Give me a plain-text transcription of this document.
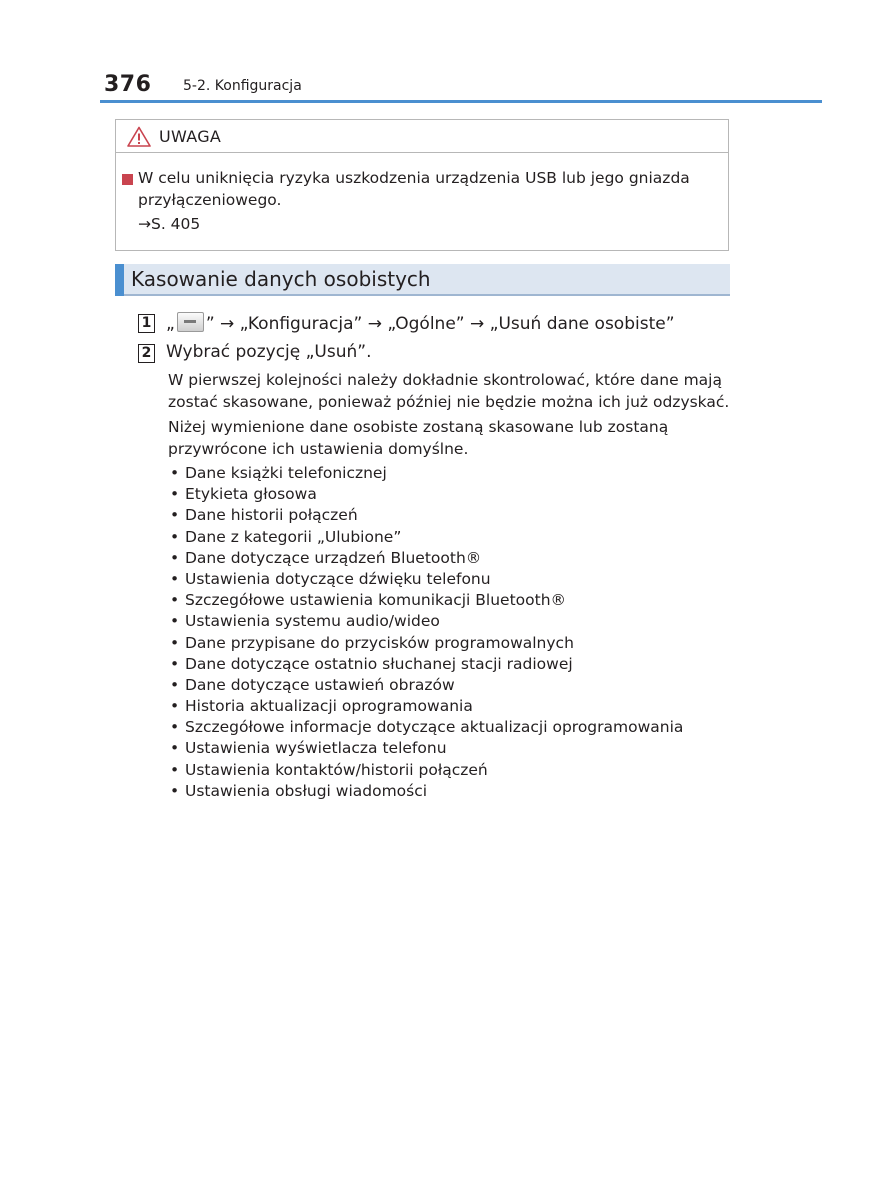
376 5-2. Konfiguracja
UWAGA
W celu uniknięcia ryzyka uszkodzenia urządzenia USB lub jego gniazda przyłączeniowego.
→S. 405
Kasowanie danych osobistych
1 „ ” → „Konfiguracja” → „Ogólne” → „Usuń dane osobiste”
2 Wybrać pozycję „Usuń”.
W pierwszej kolejności należy dokładnie skontrolować, które dane mają zostać skasowane, ponieważ później nie będzie można ich już odzyskać.
Niżej wymienione dane osobiste zostaną skasowane lub zostaną przywrócone ich ustawienia domyślne.
• Dane książki telefonicznej
• Etykieta głosowa
• Dane historii połączeń
• Dane z kategorii „Ulubione”
• Dane dotyczące urządzeń Bluetooth®
• Ustawienia dotyczące dźwięku telefonu
• Szczegółowe ustawienia komunikacji Bluetooth®
• Ustawienia systemu audio/wideo
• Dane przypisane do przycisków programowalnych
• Dane dotyczące ostatnio słuchanej stacji radiowej
• Dane dotyczące ustawień obrazów
• Historia aktualizacji oprogramowania
• Szczegółowe informacje dotyczące aktualizacji oprogramowania
• Ustawienia wyświetlacza telefonu
• Ustawienia kontaktów/historii połączeń
• Ustawienia obsługi wiadomości
